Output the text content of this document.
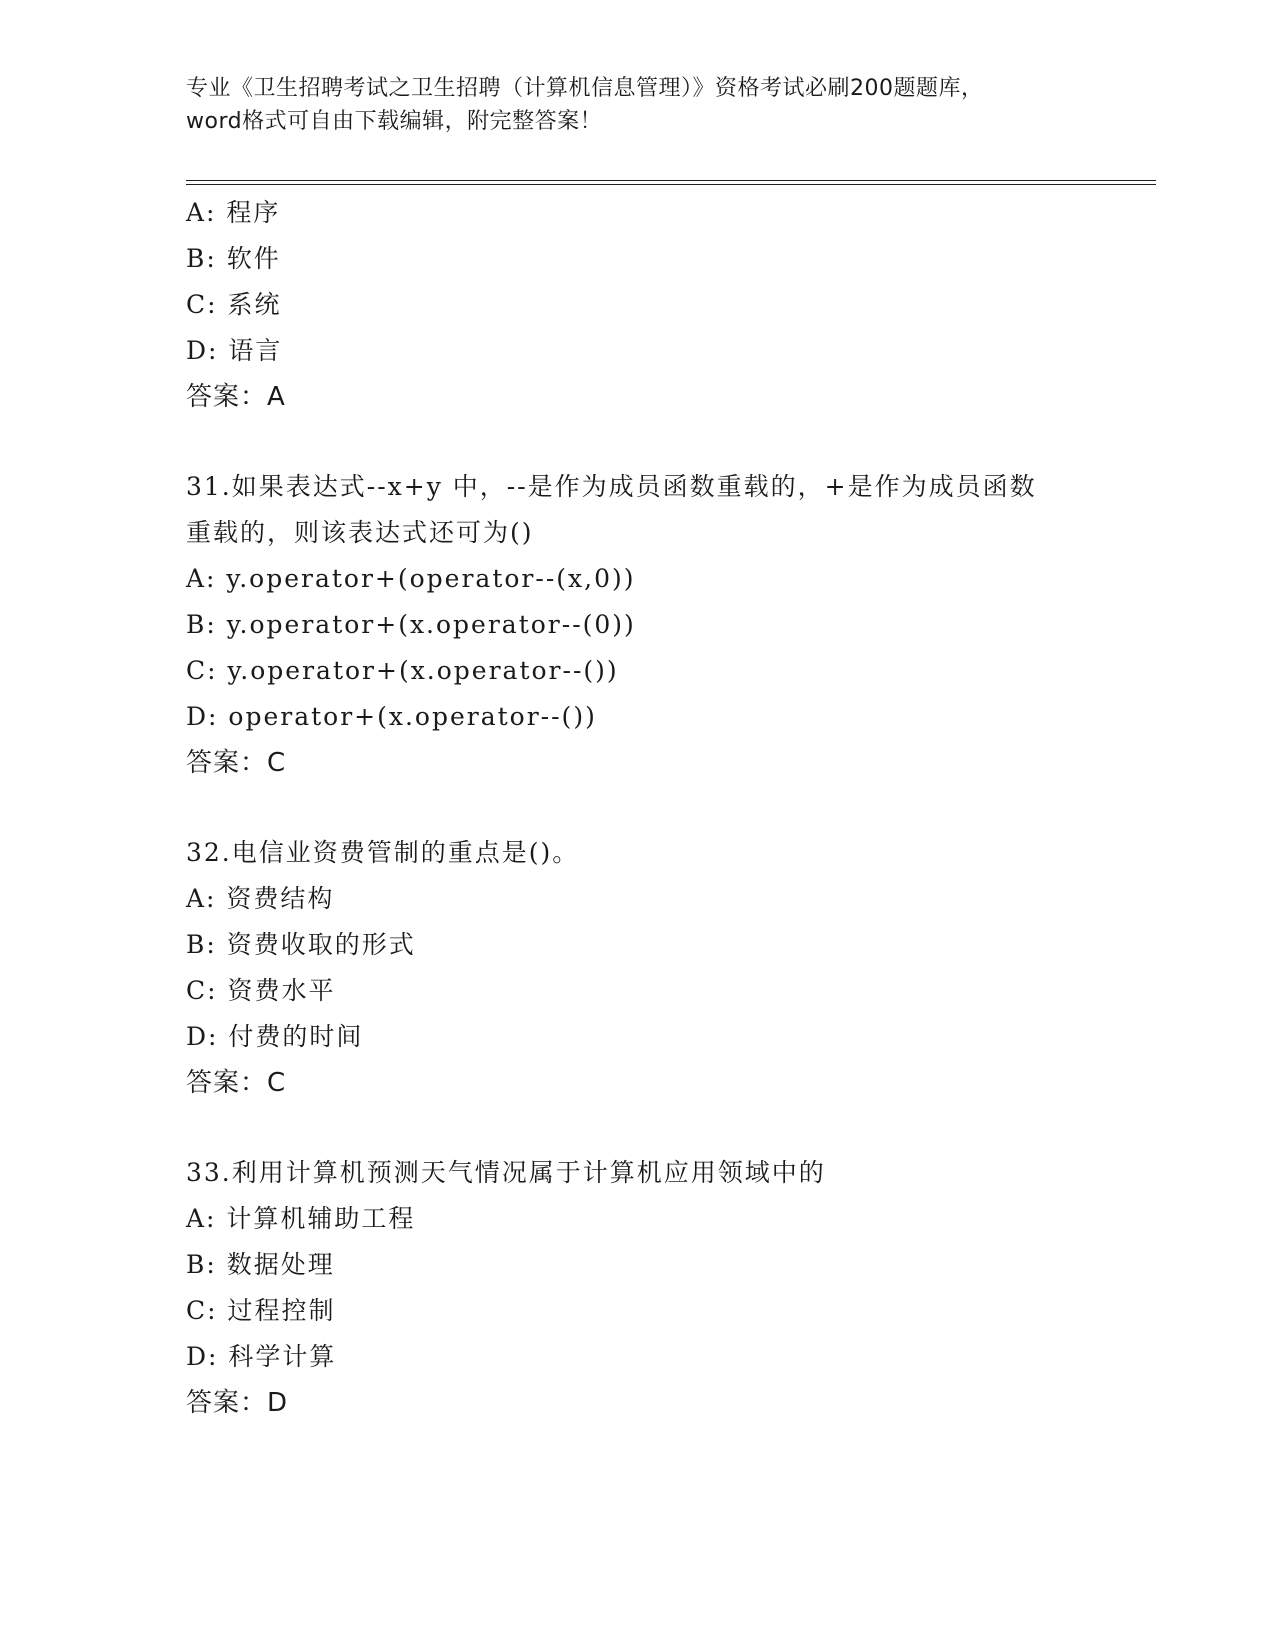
专业《卫生招聘考试之卫生招聘（计算机信息管理）》资格考试必刷200题题库，
word格式可自由下载编辑，附完整答案！
A: 程序
B: 软件
C: 系统
D: 语言
答案：A
31.如果表达式--x+y 中，--是作为成员函数重载的，+是作为成员函数
重载的，则该表达式还可为()
A: y.operator+(operator--(x,0))
B: y.operator+(x.operator--(0))
C: y.operator+(x.operator--())
D: operator+(x.operator--())
答案：C
32.电信业资费管制的重点是()。
A: 资费结构
B: 资费收取的形式
C: 资费水平
D: 付费的时间
答案：C
33.利用计算机预测天气情况属于计算机应用领域中的
A: 计算机辅助工程
B: 数据处理
C: 过程控制
D: 科学计算
答案：D
